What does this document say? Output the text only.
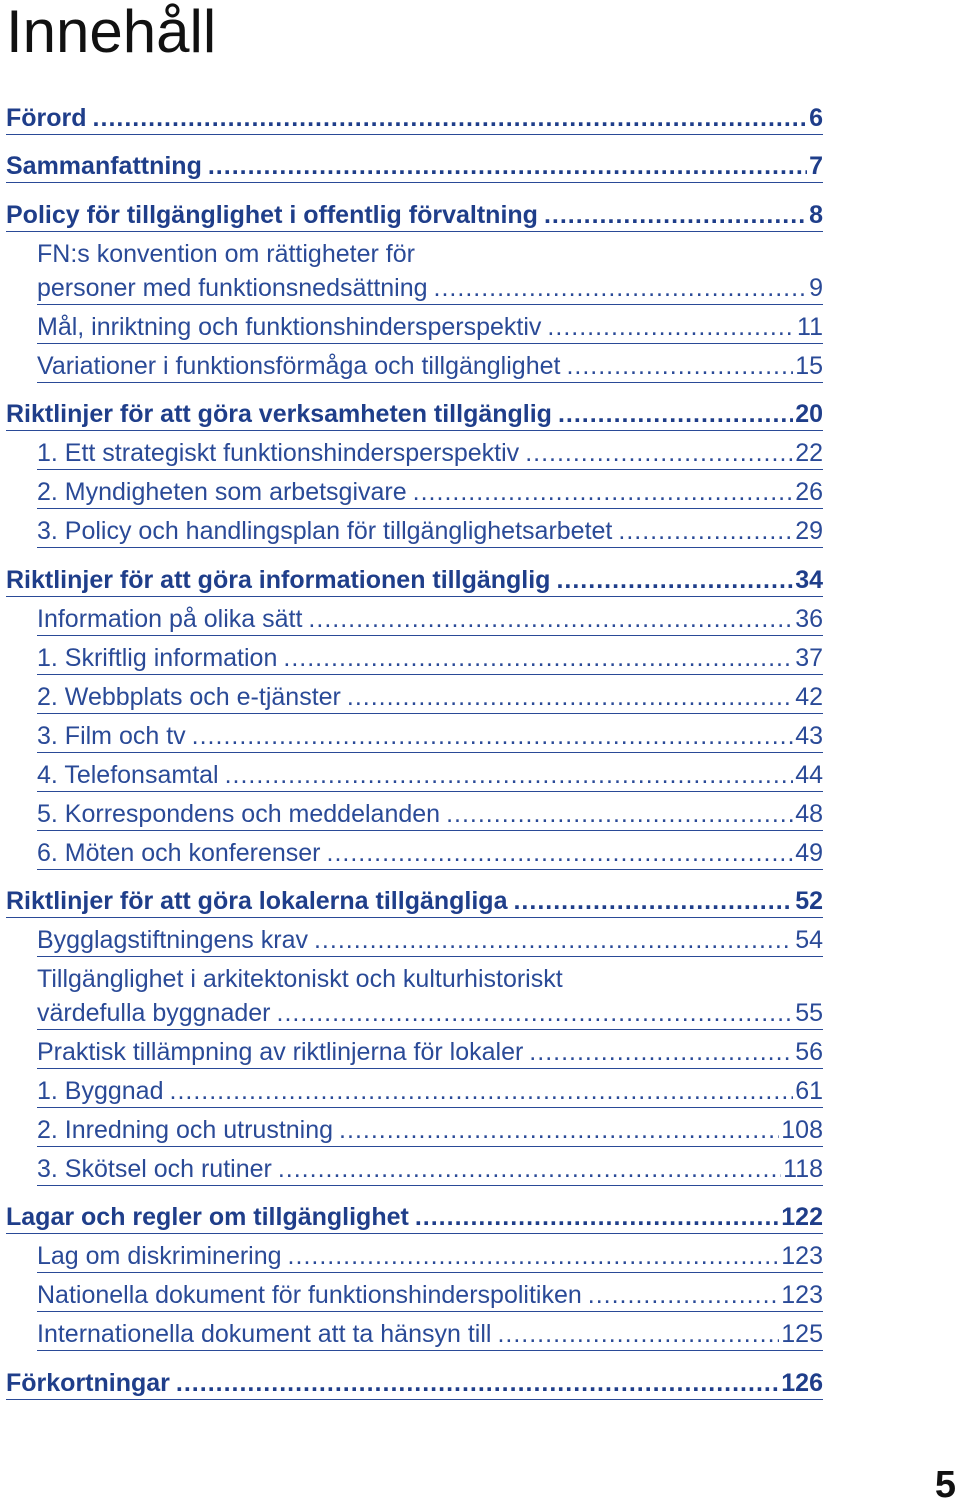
Innehåll
Förord .....	6
Sammanfattning .....	7
Policy för tillgänglighet i offentlig förvaltning .....	8
FN:s konvention om rättigheter för
personer med funktionsnedsättning .....	9
Mål, inriktning och funktionshindersperspektiv .....	11
Variationer i funktionsförmåga och tillgänglighet .....	15
Riktlinjer för att göra verksamheten tillgänglig .....	20
1. Ett strategiskt funktionshindersperspektiv .....	22
2. Myndigheten som arbetsgivare .....	26
3. Policy och handlingsplan för tillgänglighetsarbetet .....	29
Riktlinjer för att göra informationen tillgänglig .....	34
Information på olika sätt .....	36
1. Skriftlig information .....	37
2. Webbplats och e-tjänster .....	42
3. Film och tv .....	43
4. Telefonsamtal .....	44
5. Korrespondens och meddelanden .....	48
6. Möten och konferenser .....	49
Riktlinjer för att göra lokalerna tillgängliga .....	52
Bygglagstiftningens krav .....	54
Tillgänglighet i arkitektoniskt och kulturhistoriskt
värdefulla byggnader .....	55
Praktisk tillämpning av riktlinjerna för lokaler .....	56
1. Byggnad .....	61
2. Inredning och utrustning .....	108
3. Skötsel och rutiner .....	118
Lagar och regler om tillgänglighet .....	122
Lag om diskriminering .....	123
Nationella dokument för funktionshinderspolitiken .....	123
Internationella dokument att ta hänsyn till .....	125
Förkortningar .....	126
5
